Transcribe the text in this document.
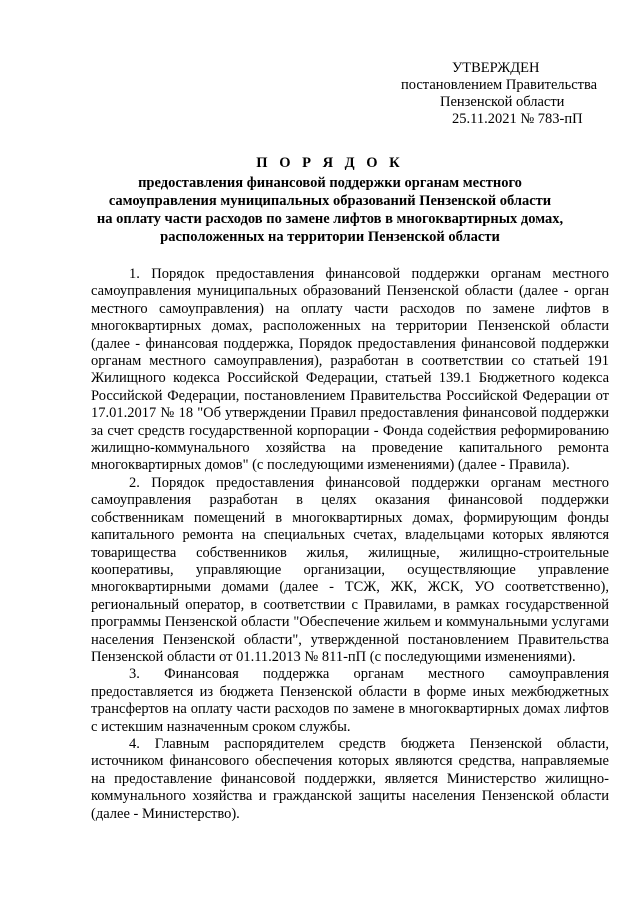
УТВЕРЖДЕН
постановлением Правительства
Пензенской области
25.11.2021 № 783-пП
П О Р Я Д О К
предоставления финансовой поддержки органам местного
самоуправления муниципальных образований Пензенской области
на оплату части расходов по замене лифтов в многоквартирных домах,
расположенных на территории Пензенской области

1. Порядок предоставления финансовой поддержки органам местного самоуправления муниципальных образований Пензенской области (далее - орган местного самоуправления) на оплату части расходов по замене лифтов в многоквартирных домах, расположенных на территории Пензенской области (далее - финансовая поддержка, Порядок предоставления финансовой поддержки органам местного самоуправления), разработан в соответствии со статьей 191 Жилищного кодекса Российской Федерации, статьей 139.1 Бюджетного кодекса Российской Федерации, постановлением Правительства Российской Федерации от 17.01.2017 № 18 "Об утверждении Правил предоставления финансовой поддержки за счет средств государственной корпорации - Фонда содействия реформированию жилищно-коммунального хозяйства на проведение капитального ремонта многоквартирных домов" (с последующими изменениями) (далее - Правила).

2. Порядок предоставления финансовой поддержки органам местного самоуправления разработан в целях оказания финансовой поддержки собственникам помещений в многоквартирных домах, формирующим фонды капитального ремонта на специальных счетах, владельцами которых являются товарищества собственников жилья, жилищные, жилищно-строительные кооперативы, управляющие организации, осуществляющие управление многоквартирными домами (далее - ТСЖ, ЖК, ЖСК, УО соответственно), региональный оператор, в соответствии с Правилами, в рамках государственной программы Пензенской области "Обеспечение жильем и коммунальными услугами населения Пензенской области", утвержденной постановлением Правительства Пензенской области от 01.11.2013 № 811-пП (с последующими изменениями).

3. Финансовая поддержка органам местного самоуправления предоставляется из бюджета Пензенской области в форме иных межбюджетных трансфертов на оплату части расходов по замене в многоквартирных домах лифтов с истекшим назначенным сроком службы.

4. Главным распорядителем средств бюджета Пензенской области, источником финансового обеспечения которых являются средства, направляемые на предоставление финансовой поддержки, является Министерство жилищно-коммунального хозяйства и гражданской защиты населения Пензенской области (далее - Министерство).
